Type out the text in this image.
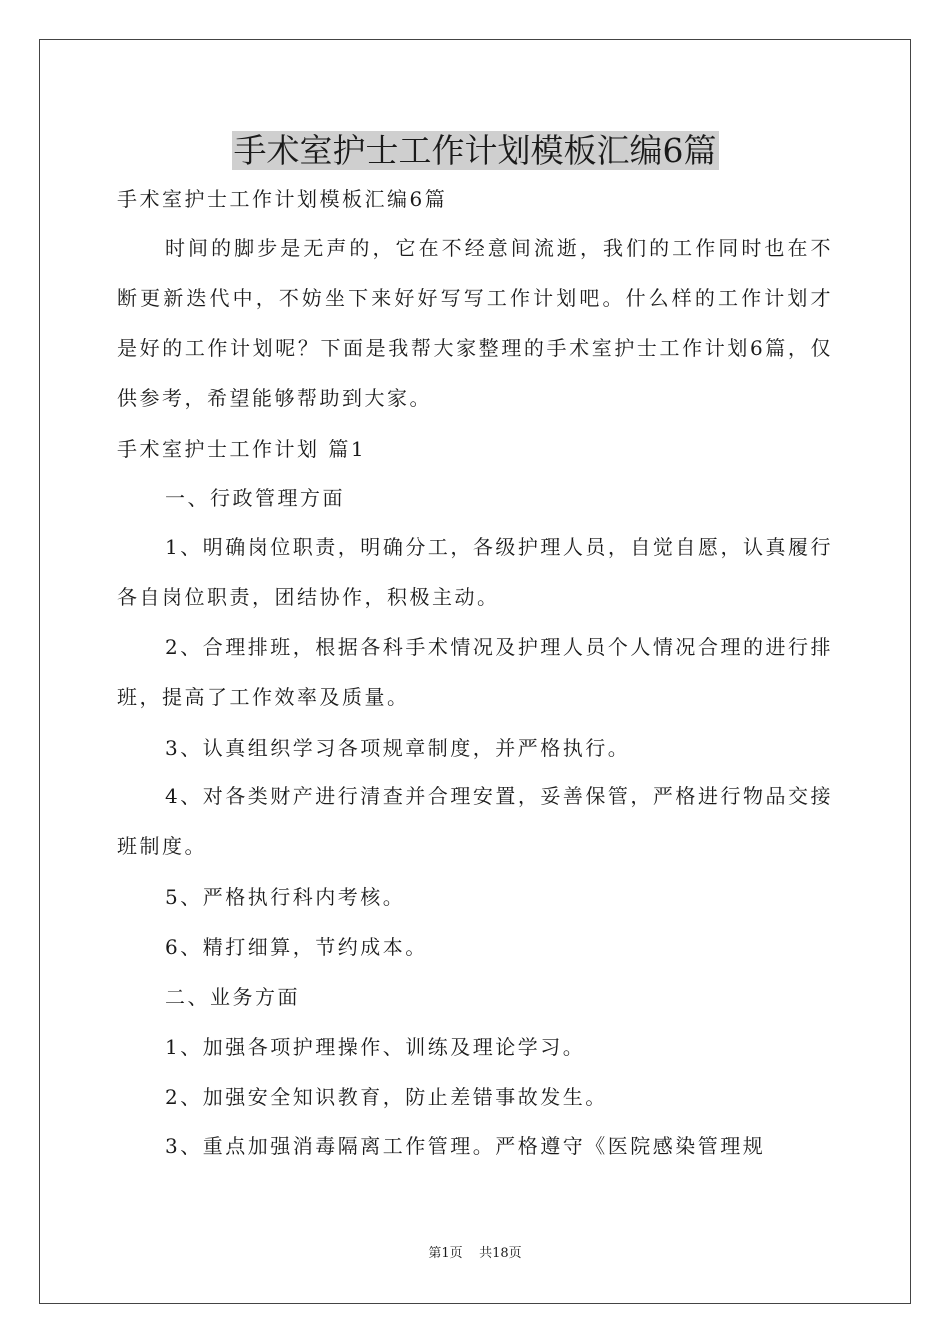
手术室护士工作计划模板汇编6篇
手术室护士工作计划模板汇编6篇
时间的脚步是无声的，它在不经意间流逝，我们的工作同时也在不断更新迭代中，不妨坐下来好好写写工作计划吧。什么样的工作计划才是好的工作计划呢？下面是我帮大家整理的手术室护士工作计划6篇，仅供参考，希望能够帮助到大家。
手术室护士工作计划 篇1
一、行政管理方面
1、明确岗位职责，明确分工，各级护理人员，自觉自愿，认真履行各自岗位职责，团结协作，积极主动。
2、合理排班，根据各科手术情况及护理人员个人情况合理的进行排班，提高了工作效率及质量。
3、认真组织学习各项规章制度，并严格执行。
4、对各类财产进行清查并合理安置，妥善保管，严格进行物品交接班制度。
5、严格执行科内考核。
6、精打细算，节约成本。
二、业务方面
1、加强各项护理操作、训练及理论学习。
2、加强安全知识教育，防止差错事故发生。
3、重点加强消毒隔离工作管理。严格遵守《医院感染管理规
第1页    共18页
